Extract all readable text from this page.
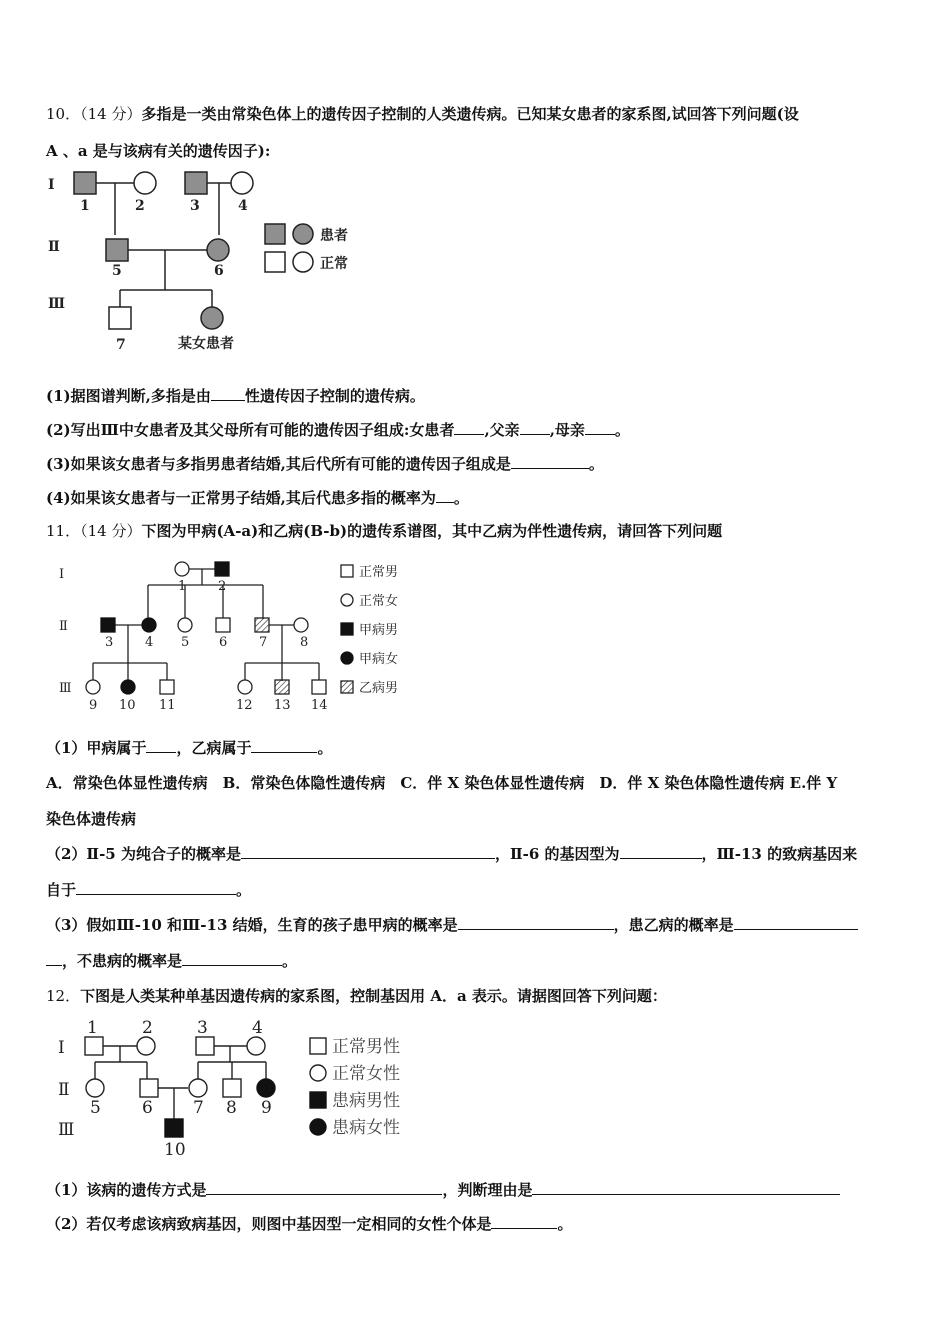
10．（14 分）多指是一类由常染色体上的遗传因子控制的人类遗传病。已知某女患者的家系图,试回答下列问题(设
A 、a 是与该病有关的遗传因子):
Ⅰ
Ⅱ
Ⅲ
1	2	3	4
5	6
7	某女患者
患者
正常
(1)据图谱判断,多指是由 性遗传因子控制的遗传病。
(2)写出Ⅲ中女患者及其父母所有可能的遗传因子组成:女患者 ,父亲 ,母亲 。
(3)如果该女患者与多指男患者结婚,其后代所有可能的遗传因子组成是	。
(4)如果该女患者与一正常男子结婚,其后代患多指的概率为 。
11．（14 分）下图为甲病(A-a)和乙病(B-b)的遗传系谱图，其中乙病为伴性遗传病，请回答下列问题
Ⅰ
Ⅱ
Ⅲ
1 2
3 4 5 6 7	8
9 10 11	12 13 14
正常男
正常女
甲病男
甲病女
乙病男
（1）甲病属于 ，乙病属于	。
A．常染色体显性遗传病　B．常染色体隐性遗传病　C．伴 X 染色体显性遗传病　D．伴 X 染色体隐性遗传病 E.伴 Y
染色体遗传病
（2）Ⅱ-5 为纯合子的概率是	，Ⅱ-6 的基因型为	，Ⅲ-13 的致病基因来
自于	。
（3）假如Ⅲ-10 和Ⅲ-13 结婚，生育的孩子患甲病的概率是	，患乙病的概率是
，不患病的概率是	。
12．下图是人类某种单基因遗传病的家系图，控制基因用 A．a 表示。请据图回答下列问题：
Ⅰ
Ⅱ
Ⅲ
1	2	3	4
5 6 7 8 9
10
正常男性
正常女性
患病男性
患病女性
（1）该病的遗传方式是	，判断理由是
（2）若仅考虑该病致病基因，则图中基因型一定相同的女性个体是	。
